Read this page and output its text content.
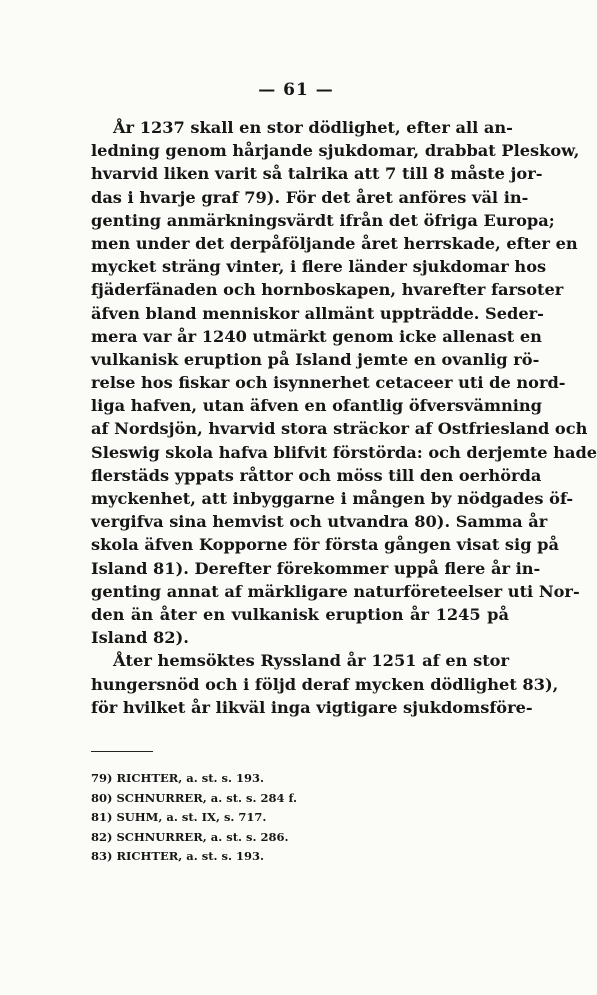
— 61 —
År 1237 skall en stor dödlighet, efter all an-
ledning genom hårjande sjukdomar, drabbat Pleskow,
hvarvid liken varit så talrika att 7 till 8 måste jor-
das i hvarje graf 79). För det året anföres väl in-
genting anmärkningsvärdt ifrån det öfriga Europa;
men under det derpåföljande året herrskade, efter en
mycket sträng vinter, i flere länder sjukdomar hos
fjäderfänaden och hornboskapen, hvarefter farsoter
äfven bland menniskor allmänt uppträdde. Seder-
mera var år 1240 utmärkt genom icke allenast en
vulkanisk eruption på Island jemte en ovanlig rö-
relse hos fiskar och isynnerhet cetaceer uti de nord-
liga hafven, utan äfven en ofantlig öfversvämning
af Nordsjön, hvarvid stora sträckor af Ostfriesland och
Sleswig skola hafva blifvit förstörda: och derjemte hade
flerstäds yppats råttor och möss till den oerhörda
myckenhet, att inbyggarne i mången by nödgades öf-
vergifva sina hemvist och utvandra 80). Samma år
skola äfven Kopporne för första gången visat sig på
Island 81). Derefter förekommer uppå flere år in-
genting annat af märkligare naturföreteelser uti Nor-
den än åter en vulkanisk eruption år 1245 på
Island 82).
Åter hemsöktes Ryssland år 1251 af en stor
hungersnöd och i följd deraf mycken dödlighet 83),
för hvilket år likväl inga vigtigare sjukdomsföre-
79) RICHTER, a. st. s. 193.
80) SCHNURRER, a. st. s. 284 f.
81) SUHM, a. st. IX, s. 717.
82) SCHNURRER, a. st. s. 286.
83) RICHTER, a. st. s. 193.
